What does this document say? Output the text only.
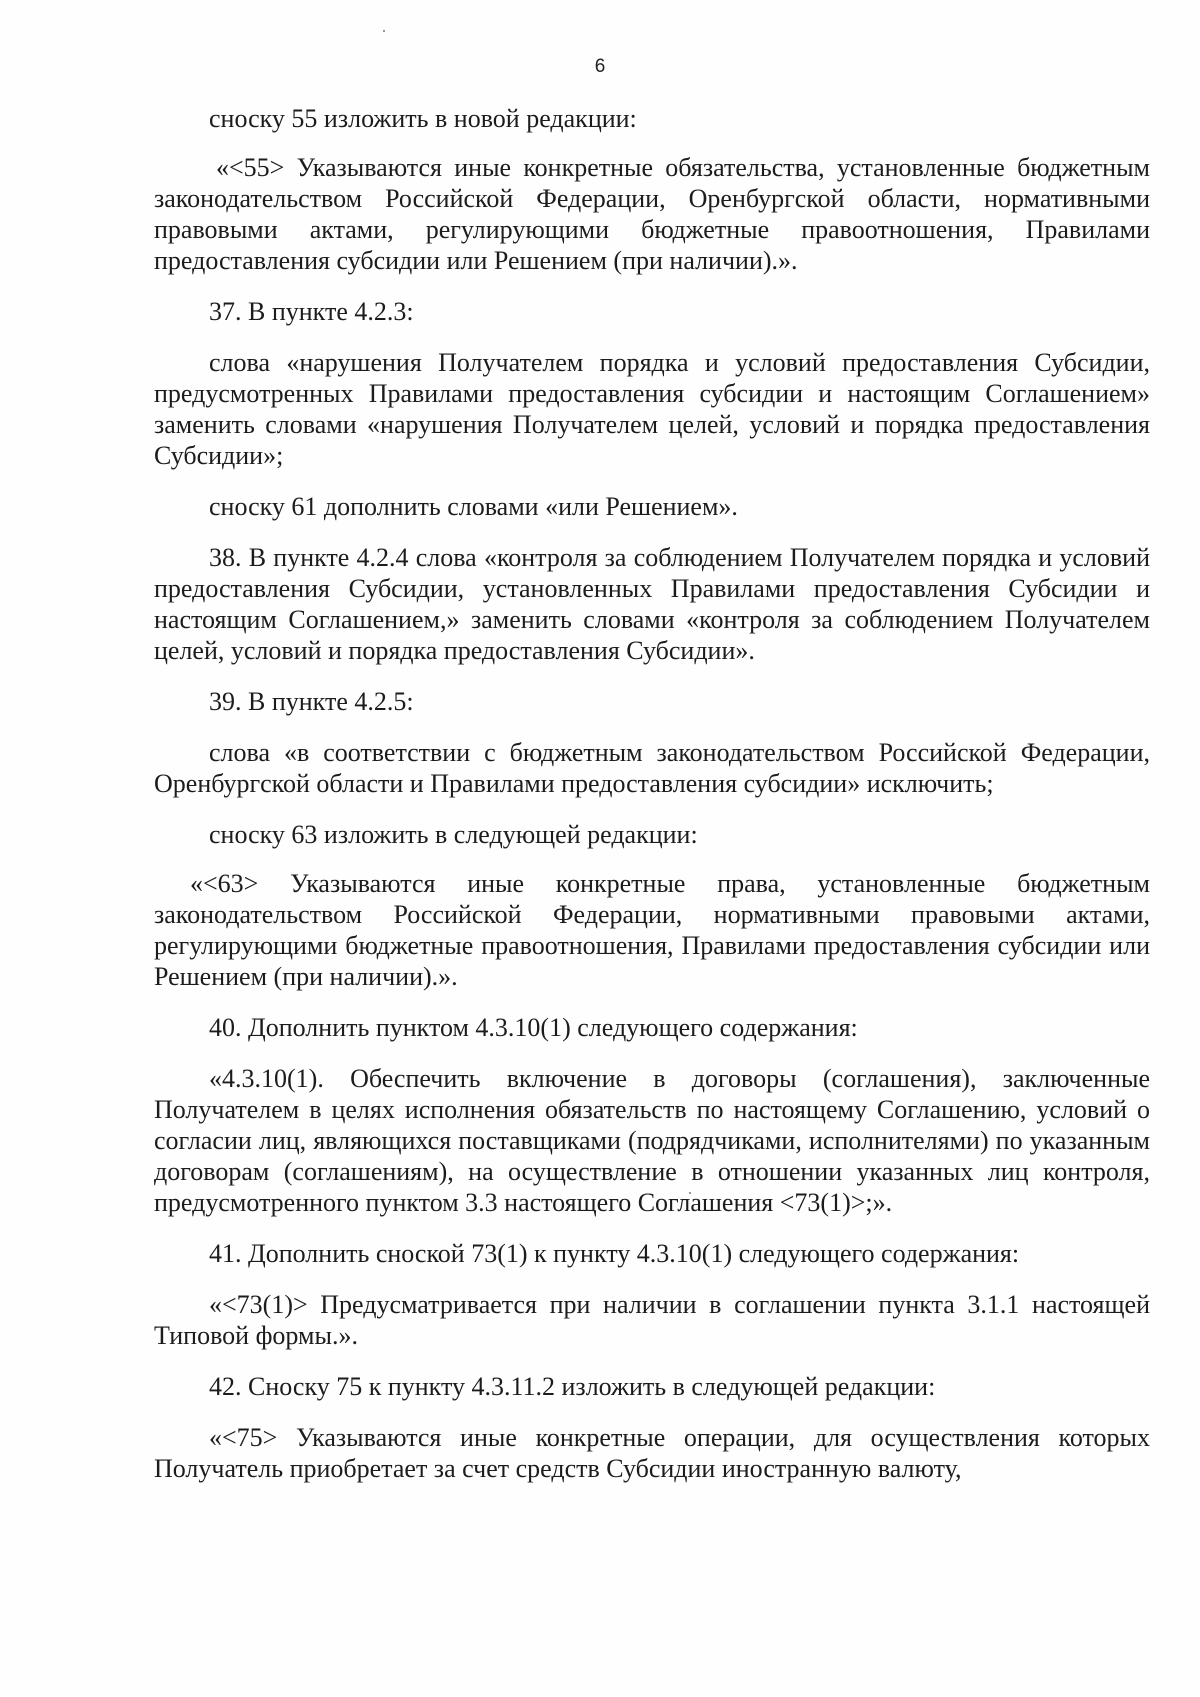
6

сноску 55 изложить в новой редакции:

«<55> Указываются иные конкретные обязательства, установленные бюджетным законодательством Российской Федерации, Оренбургской области, нормативными правовыми актами, регулирующими бюджетные правоотношения, Правилами предоставления субсидии или Решением (при наличии).».

37. В пункте 4.2.3:

слова «нарушения Получателем порядка и условий предоставления Субсидии, предусмотренных Правилами предоставления субсидии и настоящим Соглашением» заменить словами «нарушения Получателем целей, условий и порядка предоставления Субсидии»;

сноску 61 дополнить словами «или Решением».

38. В пункте 4.2.4 слова «контроля за соблюдением Получателем порядка и условий предоставления Субсидии, установленных Правилами предоставления Субсидии и настоящим Соглашением,» заменить словами «контроля за соблюдением Получателем целей, условий и порядка предоставления Субсидии».

39. В пункте 4.2.5:

слова «в соответствии с бюджетным законодательством Российской Федерации, Оренбургской области и Правилами предоставления субсидии» исключить;

сноску 63 изложить в следующей редакции:

«<63> Указываются иные конкретные права, установленные бюджетным законодательством Российской Федерации, нормативными правовыми актами, регулирующими бюджетные правоотношения, Правилами предоставления субсидии или Решением (при наличии).».

40. Дополнить пунктом 4.3.10(1) следующего содержания:

«4.3.10(1). Обеспечить включение в договоры (соглашения), заключенные Получателем в целях исполнения обязательств по настоящему Соглашению, условий о согласии лиц, являющихся поставщиками (подрядчиками, исполнителями) по указанным договорам (соглашениям), на осуществление в отношении указанных лиц контроля, предусмотренного пунктом 3.3 настоящего Соглашения <73(1)>;».

41. Дополнить сноской 73(1) к пункту 4.3.10(1) следующего содержания:

«<73(1)> Предусматривается при наличии в соглашении пункта 3.1.1 настоящей Типовой формы.».

42. Сноску 75 к пункту 4.3.11.2 изложить в следующей редакции:

«<75> Указываются иные конкретные операции, для осуществления которых Получатель приобретает за счет средств Субсидии иностранную валюту,
